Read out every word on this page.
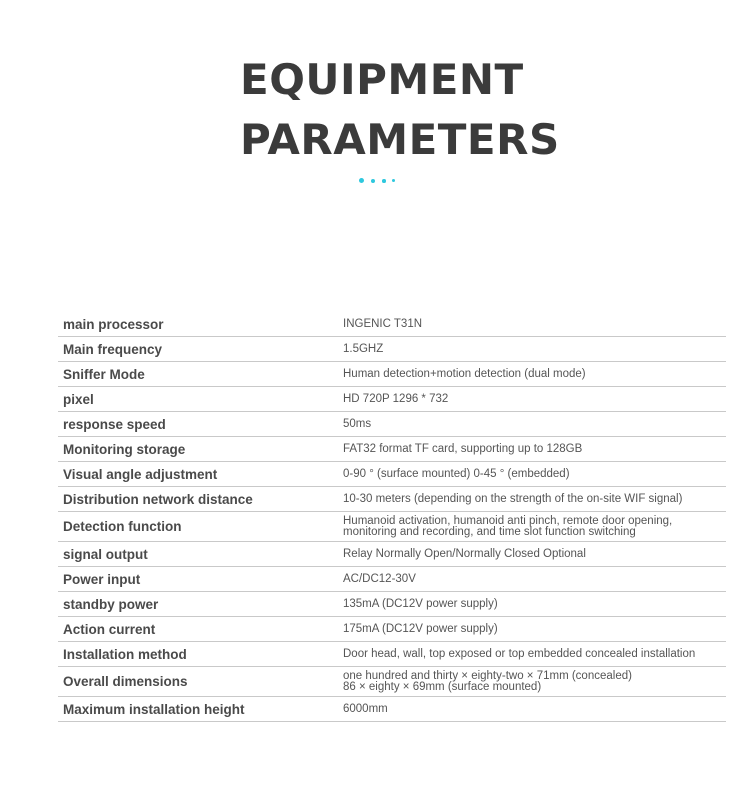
EQUIPMENT
PARAMETERS
main processor	INGENIC T31N
Main frequency	1.5GHZ
Sniffer Mode	Human detection+motion detection (dual mode)
pixel	HD 720P 1296 * 732
response speed	50ms
Monitoring storage	FAT32 format TF card, supporting up to 128GB
Visual angle adjustment	0-90 ° (surface mounted) 0-45 ° (embedded)
Distribution network distance	10-30 meters (depending on the strength of the on-site WIF signal)
Detection function	Humanoid activation, humanoid anti pinch, remote door opening,
monitoring and recording, and time slot function switching
signal output	Relay Normally Open/Normally Closed Optional
Power input	AC/DC12-30V
standby power	135mA (DC12V power supply)
Action current	175mA (DC12V power supply)
Installation method	Door head, wall, top exposed or top embedded concealed installation
Overall dimensions	one hundred and thirty × eighty-two × 71mm (concealed)
86 × eighty × 69mm (surface mounted)
Maximum installation height	6000mm
